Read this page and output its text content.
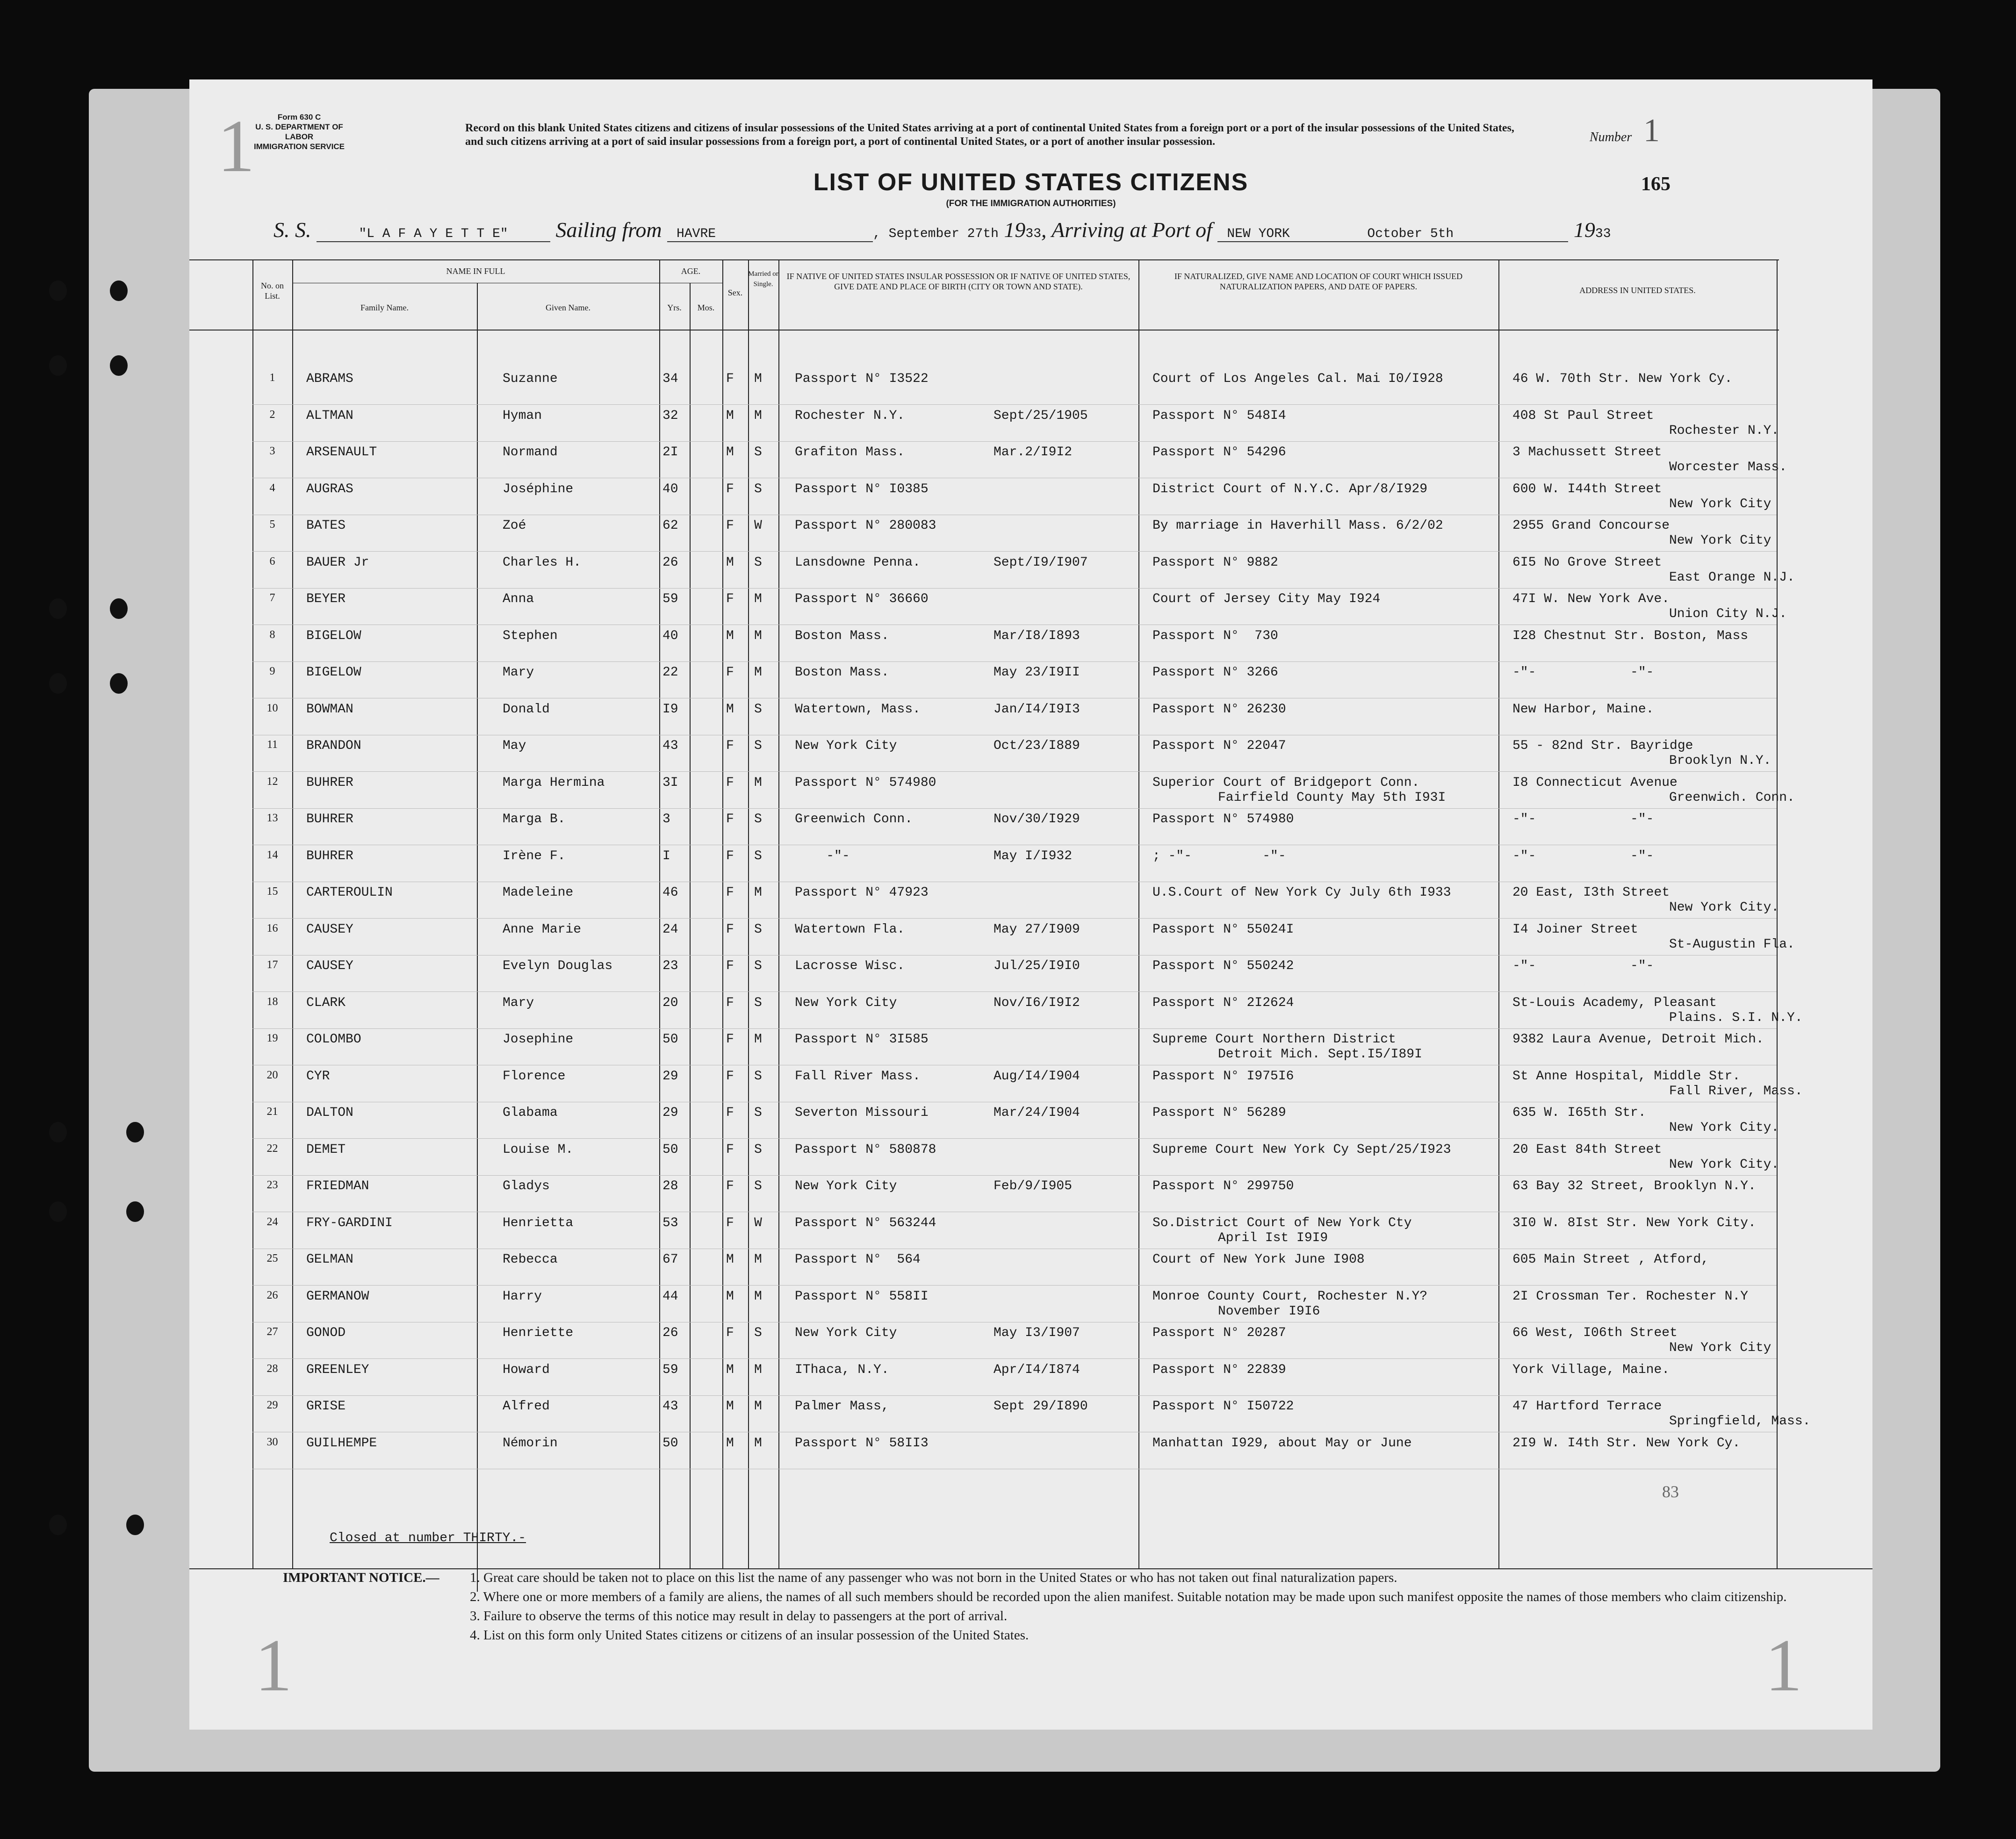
1	Form 630 C
U. S. DEPARTMENT OF LABOR
IMMIGRATION SERVICE
Record on this blank United States citizens and citizens of insular possessions of the United States arriving at a port of continental United States from a foreign port or a port of the insular possessions of the United States, and such citizens arriving at a port of said insular possessions from a foreign port, a port of continental United States, or a port of another insular possession.	Number 1
165
LIST OF UNITED STATES CITIZENS
(FOR THE IMMIGRATION AUTHORITIES)
S. S.	"L A F A Y E T T E" Sailing from HAVRE	, September 27th 1933, Arriving at Port of NEW YORK	October 5th	1933
No. on List.
NAME IN FULL
Family Name.	Given Name.
AGE.
Yrs.	Mos.
Sex.
Married or Single.
IF NATIVE OF UNITED STATES INSULAR POSSESSION OR IF NATIVE OF UNITED STATES, GIVE DATE AND PLACE OF BIRTH (CITY OR TOWN AND STATE).
IF NATURALIZED, GIVE NAME AND LOCATION OF COURT WHICH ISSUED NATURALIZATION PAPERS, AND DATE OF PAPERS.	ADDRESS IN UNITED STATES.
1	ABRAMS	Suzanne	34	F M	Passport N° I3522	Court of Los Angeles Cal. Mai I0/I928	46 W. 70th Str. New York Cy.
2	ALTMAN	Hyman	32	M M	Rochester N.Y.	Sept/25/1905	Passport N° 548I4	408 St Paul Street
Rochester N.Y.
3	ARSENAULT	Normand	2I	M S	Grafiton Mass.	Mar.2/I9I2	Passport N° 54296	3 Machussett Street
Worcester Mass.
4	AUGRAS	Joséphine	40	F S	Passport N° I0385	District Court of N.Y.C. Apr/8/I929	600 W. I44th Street
New York City
5	BATES	Zoé	62	F W	Passport N° 280083	By marriage in Haverhill Mass. 6/2/02	2955 Grand Concourse
New York City
6	BAUER Jr	Charles H.	26	M S	Lansdowne Penna.	Sept/I9/I907	Passport N° 9882	6I5 No Grove Street
East Orange N.J.
7	BEYER	Anna	59	F M	Passport N° 36660	Court of Jersey City May I924	47I W. New York Ave.
Union City N.J.
8	BIGELOW	Stephen	40	M M	Boston Mass.	Mar/I8/I893	Passport N°  730	I28 Chestnut Str. Boston, Mass
9	BIGELOW	Mary	22	F M	Boston Mass.	May 23/I9II	Passport N° 3266	-"-            -"-
10	BOWMAN	Donald	I9	M S	Watertown, Mass.	Jan/I4/I9I3	Passport N° 26230	New Harbor, Maine.
11	BRANDON	May	43	F S	New York City	Oct/23/I889	Passport N° 22047	55 - 82nd Str. Bayridge
Brooklyn N.Y.
12	BUHRER	Marga Hermina	3I	F M	Passport N° 574980	Superior Court of Bridgeport Conn.	I8 Connecticut Avenue
Fairfield County May 5th I93I	Greenwich. Conn.
13	BUHRER	Marga B.	3	F S	Greenwich Conn.	Nov/30/I929	Passport N° 574980	-"-            -"-
14	BUHRER	Irène F.	I	F S	-"-	May I/I932	; -"-         -"-	-"-            -"-
15	CARTEROULIN	Madeleine	46	F M	Passport N° 47923	U.S.Court of New York Cy July 6th I933	20 East, I3th Street
New York City.
16	CAUSEY	Anne Marie	24	F S	Watertown Fla.	May 27/I909	Passport N° 55024I	I4 Joiner Street
St-Augustin Fla.
17	CAUSEY	Evelyn Douglas	23	F S	Lacrosse Wisc.	Jul/25/I9I0	Passport N° 550242	-"-            -"-
18	CLARK	Mary	20	F S	New York City	Nov/I6/I9I2	Passport N° 2I2624	St-Louis Academy, Pleasant
Plains. S.I. N.Y.
19	COLOMBO	Josephine	50	F M	Passport N° 3I585	Supreme Court Northern District	9382 Laura Avenue, Detroit Mich.
Detroit Mich. Sept.I5/I89I
20	CYR	Florence	29	F S	Fall River Mass.	Aug/I4/I904	Passport N° I975I6	St Anne Hospital, Middle Str.
Fall River, Mass.
21	DALTON	Glabama	29	F S	Severton Missouri	Mar/24/I904	Passport N° 56289	635 W. I65th Str.
New York City.
22	DEMET	Louise M.	50	F S	Passport N° 580878	Supreme Court New York Cy Sept/25/I923	20 East 84th Street
New York City.
23	FRIEDMAN	Gladys	28	F S	New York City	Feb/9/I905	Passport N° 299750	63 Bay 32 Street, Brooklyn N.Y.
24	FRY-GARDINI	Henrietta	53	F W	Passport N° 563244	So.District Court of New York Cty	3I0 W. 8Ist Str. New York City.
April Ist I9I9
25	GELMAN	Rebecca	67	M M	Passport N°  564	Court of New York June I908	605 Main Street , Atford,
26	GERMANOW	Harry	44	M M	Passport N° 558II	Monroe County Court, Rochester N.Y?	2I Crossman Ter. Rochester N.Y
November I9I6
27	GONOD	Henriette	26	F S	New York City	May I3/I907	Passport N° 20287	66 West, I06th Street
New York City
28	GREENLEY	Howard	59	M M	IThaca, N.Y.	Apr/I4/I874	Passport N° 22839	York Village, Maine.
29	GRISE	Alfred	43	M M	Palmer Mass,	Sept 29/I890	Passport N° I50722	47 Hartford Terrace
Springfield, Mass.
30	GUILHEMPE	Némorin	50	M M	Passport N° 58II3	Manhattan I929, about May or June	2I9 W. I4th Str. New York Cy.
Closed at number THIRTY.-
83
IMPORTANT NOTICE.— 1. Great care should be taken not to place on this list the name of any passenger who was not born in the United States or who has not taken out final naturalization papers.
2. Where one or more members of a family are aliens, the names of all such members should be recorded upon the alien manifest. Suitable notation may be made upon such manifest opposite the names of those members who claim citizenship.
3. Failure to observe the terms of this notice may result in delay to passengers at the port of arrival.
4. List on this form only United States citizens or citizens of an insular possession of the United States.
1	1
